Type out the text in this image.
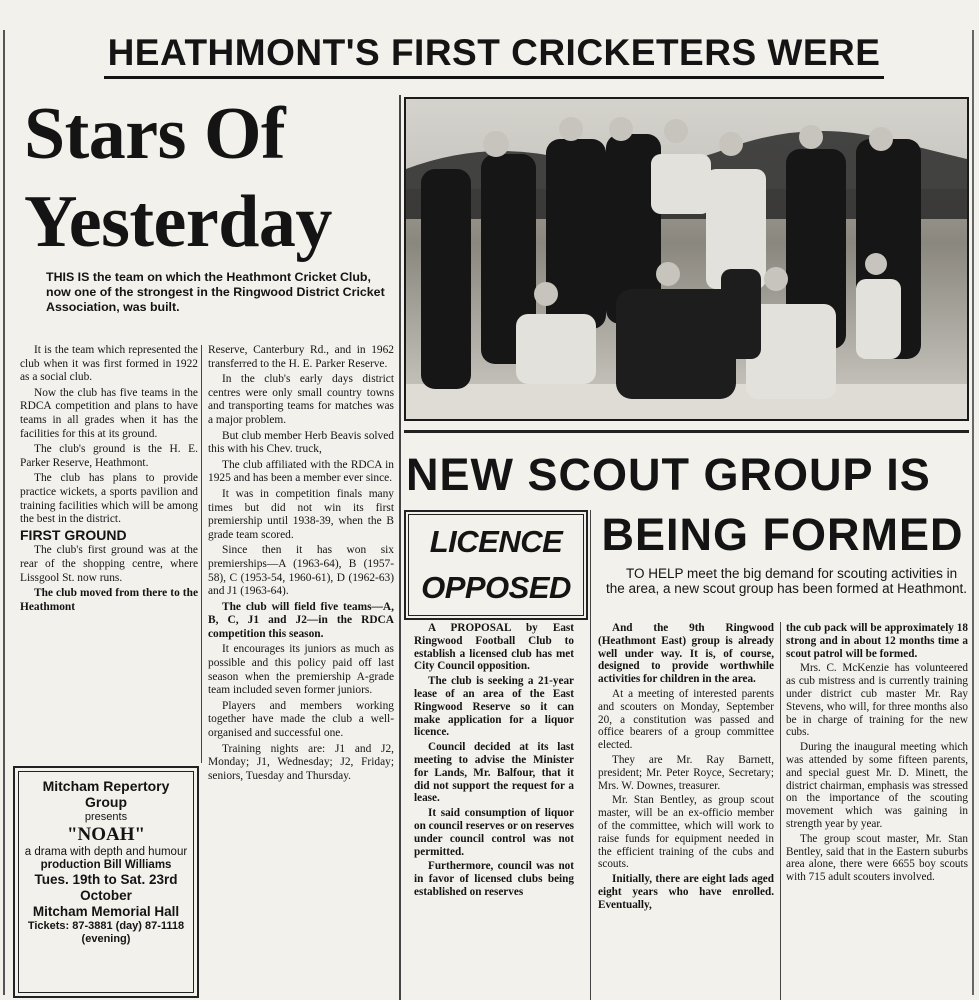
HEATHMONT'S FIRST CRICKETERS WERE
Stars Of
Yesterday
THIS IS the team on which the Heathmont Cricket Club, now one of the strongest in the Ringwood District Cricket Association, was built.

It is the team which represented the club when it was first formed in 1922 as a social club.

Now the club has five teams in the RDCA competition and plans to have teams in all grades when it has the facilities for this at its ground.

The club's ground is the H. E. Parker Reserve, Heathmont.

The club has plans to provide practice wickets, a sports pavilion and training facilities which will be among the best in the district.

FIRST GROUND

The club's first ground was at the rear of the shopping centre, where Lissgool St. now runs.

The club moved from there to the Heathmont

Reserve, Canterbury Rd., and in 1962 transferred to the H. E. Parker Reserve.

In the club's early days district centres were only small country towns and transporting teams for matches was a major problem.

But club member Herb Beavis solved this with his Chev. truck,

The club affiliated with the RDCA in 1925 and has been a member ever since.

It was in competition finals many times but did not win its first premiership until 1938-39, when the B grade team scored.

Since then it has won six premierships—A (1963-64), B (1957-58), C (1953-54, 1960-61), D (1962-63) and J1 (1963-64).

The club will field five teams—A, B, C, J1 and J2—in the RDCA competition this season.

It encourages its juniors as much as possible and this policy paid off last season when the premiership A-grade team included seven former juniors.

Players and members working together have made the club a well-organised and successful one.

Training nights are: J1 and J2, Monday; J1, Wednesday; J2, Friday; seniors, Tuesday and Thursday.

Mitcham Repertory Group
presents
"NOAH"
a drama with depth and humour
production Bill Williams
Tues. 19th to Sat. 23rd October
Mitcham Memorial Hall
Tickets: 87-3881 (day) 87-1118 (evening)
NEW SCOUT GROUP IS
BEING FORMED
TO HELP meet the big demand for scouting activities in the area, a new scout group has been formed at Heathmont.
LICENCE
OPPOSED

A PROPOSAL by East Ringwood Football Club to establish a licensed club has met City Council opposition.

The club is seeking a 21-year lease of an area of the East Ringwood Reserve so it can make application for a liquor licence.

Council decided at its last meeting to advise the Minister for Lands, Mr. Balfour, that it did not support the request for a lease.

It said consumption of liquor on council reserves or on reserves under council control was not permitted.

Furthermore, council was not in favor of licensed clubs being established on reserves

And the 9th Ringwood (Heathmont East) group is already well under way. It is, of course, designed to provide worthwhile activities for children in the area.

At a meeting of interested parents and scouters on Monday, September 20, a constitution was passed and office bearers of a group committee elected.

They are Mr. Ray Barnett, president; Mr. Peter Royce, Secretary; Mrs. W. Downes, treasurer.

Mr. Stan Bentley, as group scout master, will be an ex-officio member of the committee, which will work to raise funds for equipment needed in the efficient training of the cubs and scouts.

Initially, there are eight lads aged eight years who have enrolled. Eventually,

the cub pack will be approximately 18 strong and in about 12 months time a scout patrol will be formed.

Mrs. C. McKenzie has volunteered as cub mistress and is currently training under district cub master Mr. Ray Stevens, who will, for three months also be in charge of training for the new cubs.

During the inaugural meeting which was attended by some fifteen parents, and special guest Mr. D. Minett, the district chairman, emphasis was stressed on the importance of the scouting movement which was gaining in strength year by year.

The group scout master, Mr. Stan Bentley, said that in the Eastern suburbs area alone, there were 6655 boy scouts with 715 adult scouters involved.
